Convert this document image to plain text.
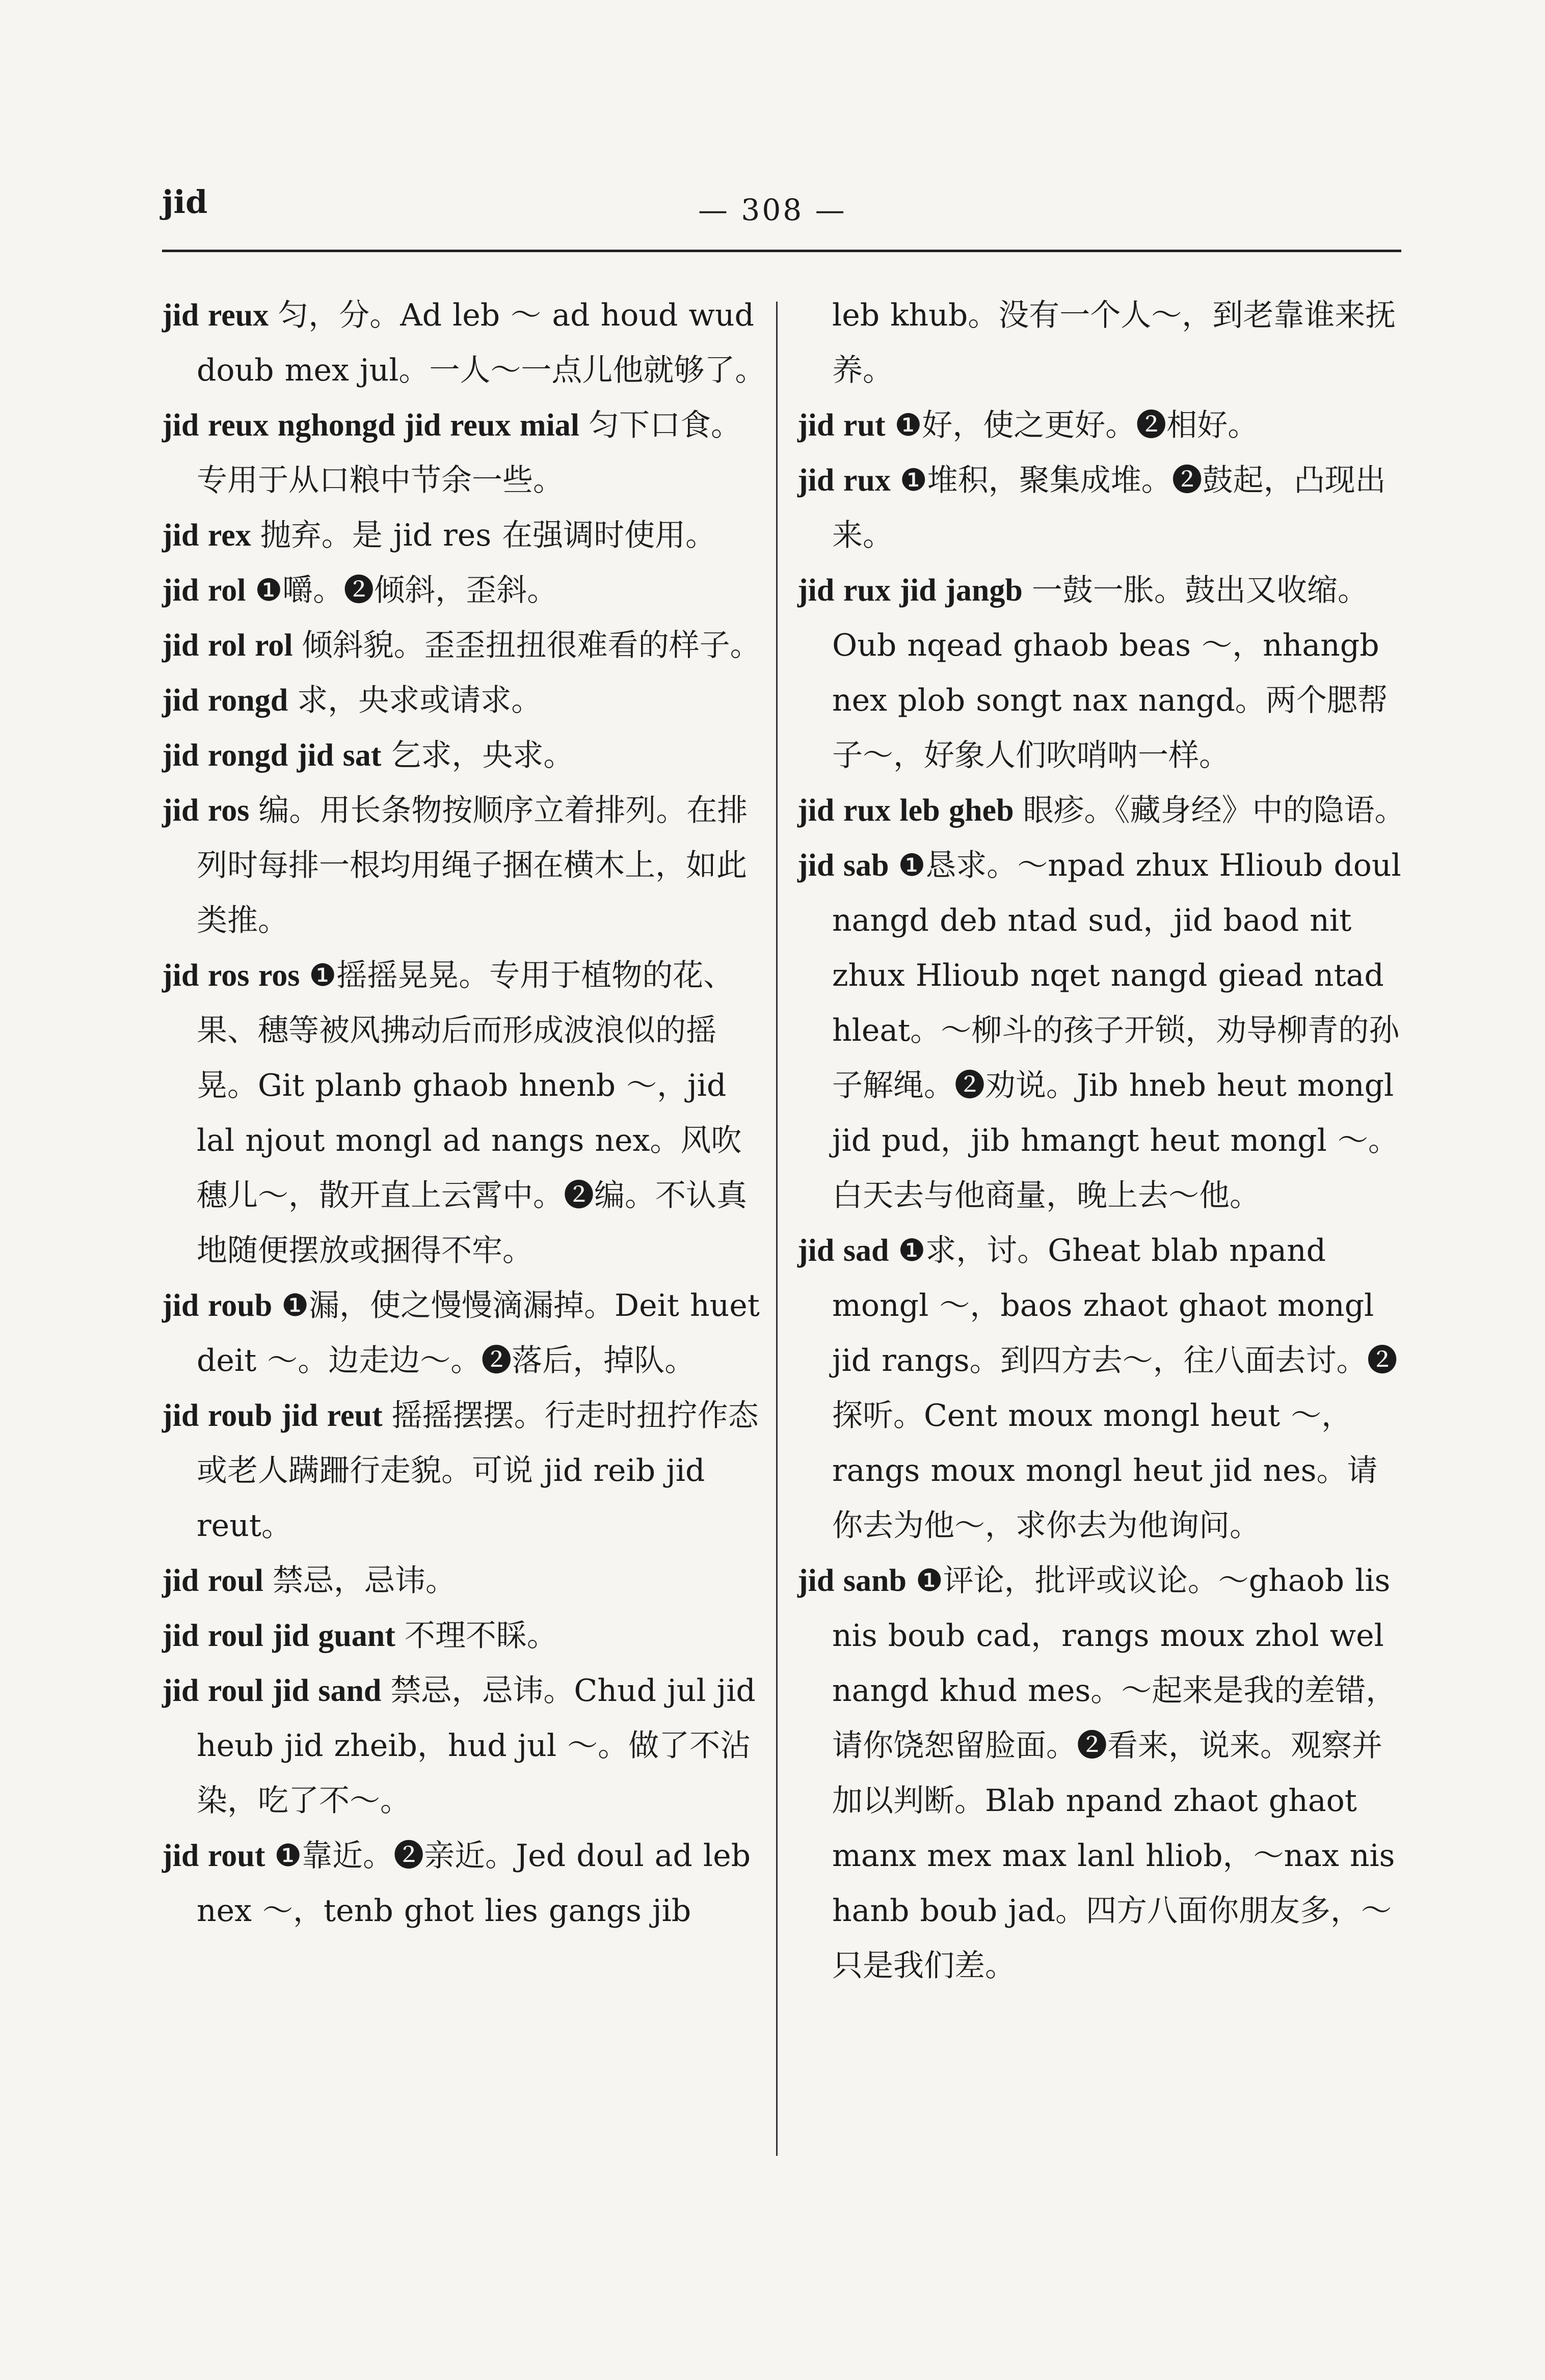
jid	— 308 —

jid reux 匀，分。Ad leb ～ ad houd wud doub mex jul。一人～一点儿他就够了。

jid reux nghongd jid reux mial 匀下口食。专用于从口粮中节余一些。

jid rex 抛弃。是 jid res 在强调时使用。

jid rol ❶嚼。❷倾斜，歪斜。

jid rol rol 倾斜貌。歪歪扭扭很难看的样子。

jid rongd 求，央求或请求。

jid rongd jid sat 乞求，央求。

jid ros 编。用长条物按顺序立着排列。在排列时每排一根均用绳子捆在横木上，如此类推。

jid ros ros ❶摇摇晃晃。专用于植物的花、果、穗等被风拂动后而形成波浪似的摇晃。Git planb ghaob hnenb ～，jid lal njout mongl ad nangs nex。风吹穗儿～，散开直上云霄中。❷编。不认真地随便摆放或捆得不牢。

jid roub ❶漏，使之慢慢滴漏掉。Deit huet deit ～。边走边～。❷落后，掉队。

jid roub jid reut 摇摇摆摆。行走时扭拧作态或老人蹒跚行走貌。可说 jid reib jid reut。

jid roul 禁忌，忌讳。

jid roul jid guant 不理不睬。

jid roul jid sand 禁忌，忌讳。Chud jul jid heub jid zheib，hud jul ～。做了不沾染，吃了不～。

jid rout ❶靠近。❷亲近。Jed doul ad leb nex ～，tenb ghot lies gangs jib

leb khub。没有一个人～，到老靠谁来抚养。

jid rut ❶好，使之更好。❷相好。

jid rux ❶堆积，聚集成堆。❷鼓起，凸现出来。

jid rux jid jangb 一鼓一胀。鼓出又收缩。Oub nqead ghaob beas ～，nhangb nex plob songt nax nangd。两个腮帮子～，好象人们吹哨呐一样。

jid rux leb gheb 眼疹。《藏身经》中的隐语。

jid sab ❶恳求。～npad zhux Hlioub doul nangd deb ntad sud，jid baod nit zhux Hlioub nqet nangd giead ntad hleat。～柳斗的孩子开锁，劝导柳青的孙子解绳。❷劝说。Jib hneb heut mongl jid pud，jib hmangt heut mongl ～。白天去与他商量，晚上去～他。

jid sad ❶求，讨。Gheat blab npand mongl ～，baos zhaot ghaot mongl jid rangs。到四方去～，往八面去讨。❷探听。Cent moux mongl heut ～，rangs moux mongl heut jid nes。请你去为他～，求你去为他询问。

jid sanb ❶评论，批评或议论。～ghaob lis nis boub cad，rangs moux zhol wel nangd khud mes。～起来是我的差错，请你饶恕留脸面。❷看来，说来。观察并加以判断。Blab npand zhaot ghaot manx mex max lanl hliob，～nax nis hanb boub jad。四方八面你朋友多，～只是我们差。
